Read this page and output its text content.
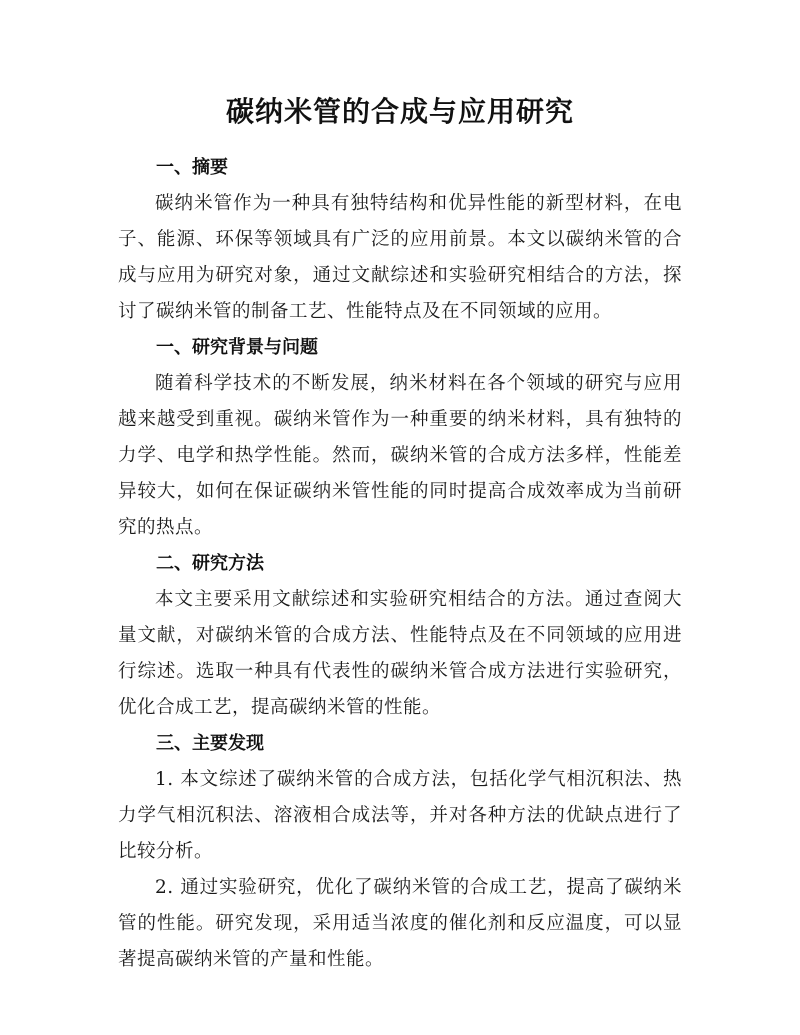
碳纳米管的合成与应用研究
一、摘要

碳纳米管作为一种具有独特结构和优异性能的新型材料，在电子、能源、环保等领域具有广泛的应用前景。本文以碳纳米管的合成与应用为研究对象，通过文献综述和实验研究相结合的方法，探讨了碳纳米管的制备工艺、性能特点及在不同领域的应用。

一、研究背景与问题

随着科学技术的不断发展，纳米材料在各个领域的研究与应用越来越受到重视。碳纳米管作为一种重要的纳米材料，具有独特的力学、电学和热学性能。然而，碳纳米管的合成方法多样，性能差异较大，如何在保证碳纳米管性能的同时提高合成效率成为当前研究的热点。

二、研究方法

本文主要采用文献综述和实验研究相结合的方法。通过查阅大量文献，对碳纳米管的合成方法、性能特点及在不同领域的应用进行综述。选取一种具有代表性的碳纳米管合成方法进行实验研究，优化合成工艺，提高碳纳米管的性能。

三、主要发现

1. 本文综述了碳纳米管的合成方法，包括化学气相沉积法、热力学气相沉积法、溶液相合成法等，并对各种方法的优缺点进行了比较分析。

2. 通过实验研究，优化了碳纳米管的合成工艺，提高了碳纳米管的性能。研究发现，采用适当浓度的催化剂和反应温度，可以显著提高碳纳米管的产量和性能。
